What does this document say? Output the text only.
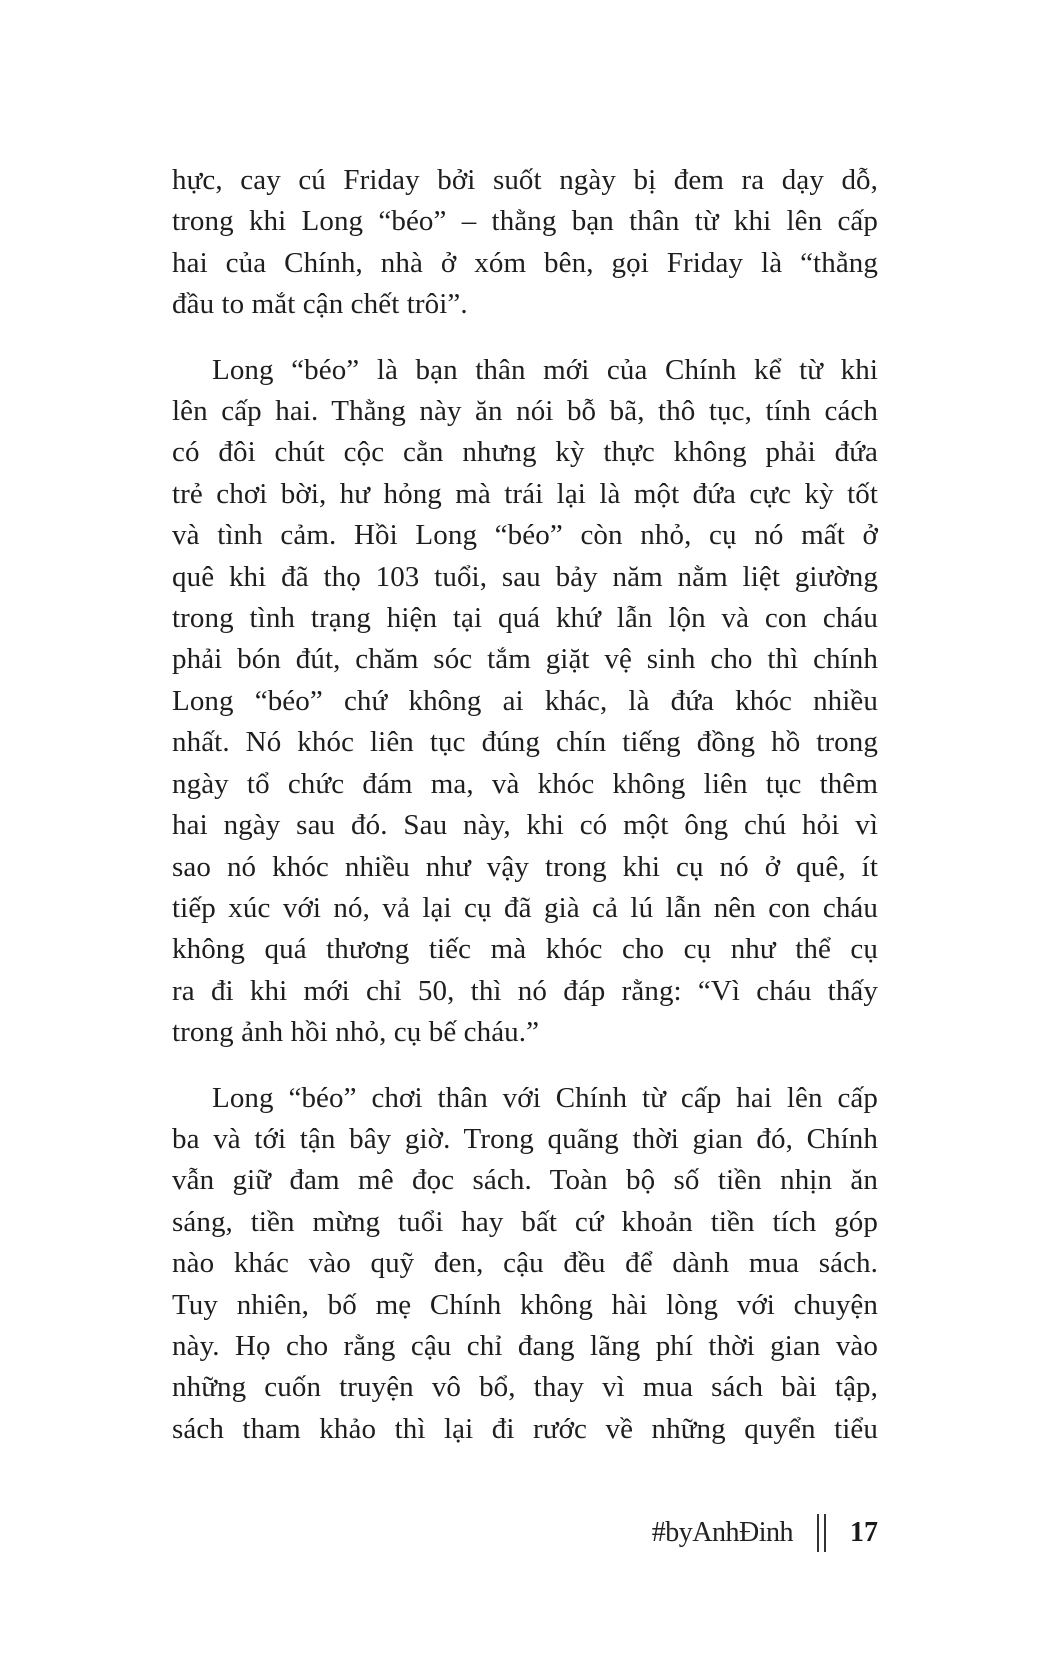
hực, cay cú Friday bởi suốt ngày bị đem ra dạy dỗ,
trong khi Long “béo” – thằng bạn thân từ khi lên cấp
hai của Chính, nhà ở xóm bên, gọi Friday là “thằng
đầu to mắt cận chết trôi”.

Long “béo” là bạn thân mới của Chính kể từ khi
lên cấp hai. Thằng này ăn nói bỗ bã, thô tục, tính cách
có đôi chút cộc cằn nhưng kỳ thực không phải đứa
trẻ chơi bời, hư hỏng mà trái lại là một đứa cực kỳ tốt
và tình cảm. Hồi Long “béo” còn nhỏ, cụ nó mất ở
quê khi đã thọ 103 tuổi, sau bảy năm nằm liệt giường
trong tình trạng hiện tại quá khứ lẫn lộn và con cháu
phải bón đút, chăm sóc tắm giặt vệ sinh cho thì chính
Long “béo” chứ không ai khác, là đứa khóc nhiều
nhất. Nó khóc liên tục đúng chín tiếng đồng hồ trong
ngày tổ chức đám ma, và khóc không liên tục thêm
hai ngày sau đó. Sau này, khi có một ông chú hỏi vì
sao nó khóc nhiều như vậy trong khi cụ nó ở quê, ít
tiếp xúc với nó, vả lại cụ đã già cả lú lẫn nên con cháu
không quá thương tiếc mà khóc cho cụ như thể cụ
ra đi khi mới chỉ 50, thì nó đáp rằng: “Vì cháu thấy
trong ảnh hồi nhỏ, cụ bế cháu.”

Long “béo” chơi thân với Chính từ cấp hai lên cấp
ba và tới tận bây giờ. Trong quãng thời gian đó, Chính
vẫn giữ đam mê đọc sách. Toàn bộ số tiền nhịn ăn
sáng, tiền mừng tuổi hay bất cứ khoản tiền tích góp
nào khác vào quỹ đen, cậu đều để dành mua sách.
Tuy nhiên, bố mẹ Chính không hài lòng với chuyện
này. Họ cho rằng cậu chỉ đang lãng phí thời gian vào
những cuốn truyện vô bổ, thay vì mua sách bài tập,
sách tham khảo thì lại đi rước về những quyển tiểu

#byAnhĐinh 17
